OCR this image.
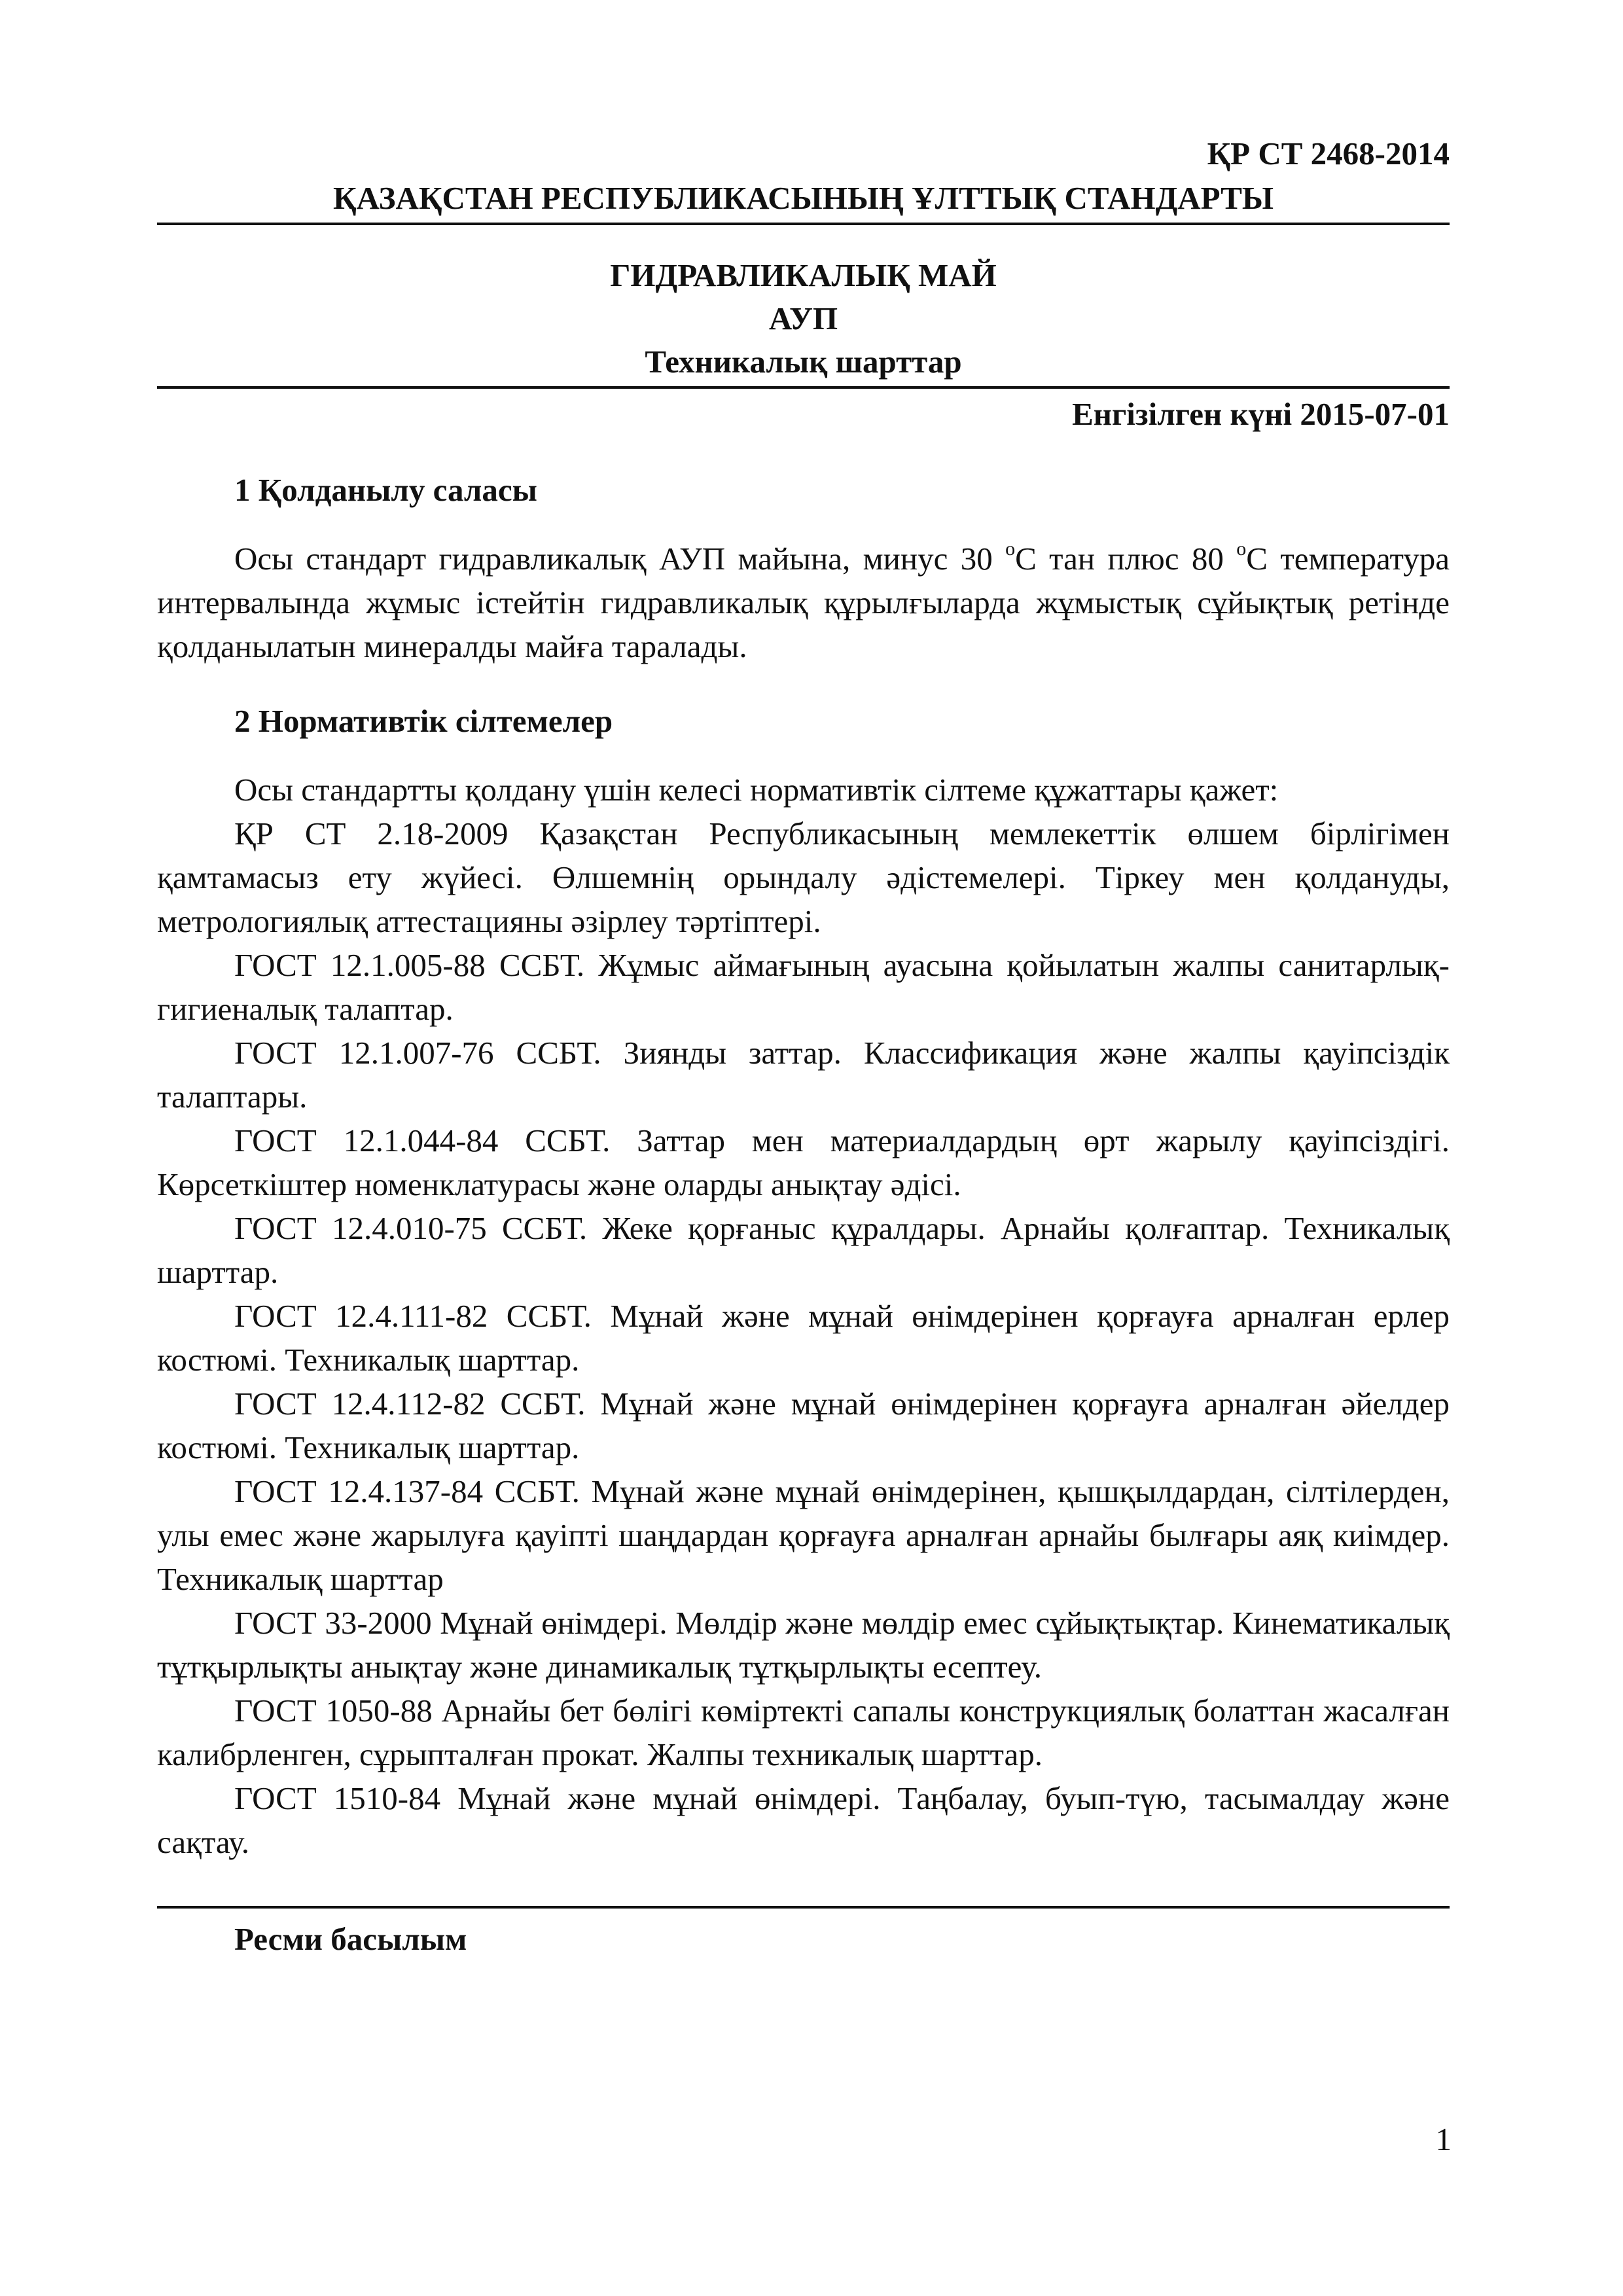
ҚР СТ 2468-2014

ҚАЗАҚСТАН РЕСПУБЛИКАСЫНЫҢ ҰЛТТЫҚ СТАНДАРТЫ

ГИДРАВЛИКАЛЫҚ МАЙ
АУП
Техникалық шарттар
Енгізілген күні 2015-07-01
1 Қолданылу саласы

Осы стандарт гидравликалық АУП майына, минус 30 $^о$С тан плюс 80 $^о$С температура интервалында жұмыс істейтін гидравликалық құрылғыларда жұмыстық сұйықтық ретінде қолданылатын минералды майға таралады.

2 Нормативтік сілтемелер

Осы стандартты қолдану үшін келесі нормативтік сілтеме құжаттары қажет:

ҚР СТ 2.18-2009 Қазақстан Республикасының мемлекеттік өлшем бірлігімен қамтамасыз ету жүйесі. Өлшемнің орындалу әдістемелері. Тіркеу мен қолдануды, метрологиялық аттестацияны әзірлеу тәртіптері.

ГОСТ 12.1.005-88 ССБТ. Жұмыс аймағының ауасына қойылатын жалпы санитарлық-гигиеналық талаптар.

ГОСТ 12.1.007-76 ССБТ. Зиянды заттар. Классификация және жалпы қауіпсіздік талаптары.

ГОСТ 12.1.044-84 ССБТ. Заттар мен материалдардың өрт жарылу қауіпсіздігі. Көрсеткіштер номенклатурасы және оларды анықтау әдісі.

ГОСТ 12.4.010-75 ССБТ. Жеке қорғаныс құралдары. Арнайы қолғаптар. Техникалық шарттар.

ГОСТ 12.4.111-82 ССБТ. Мұнай және мұнай өнімдерінен қорғауға арналған ерлер костюмі. Техникалық шарттар.

ГОСТ 12.4.112-82 ССБТ. Мұнай және мұнай өнімдерінен қорғауға арналған әйелдер костюмі. Техникалық шарттар.

ГОСТ 12.4.137-84 ССБТ. Мұнай және мұнай өнімдерінен, қышқылдардан, сілтілерден, улы емес және жарылуға қауіпті шаңдардан қорғауға арналған арнайы былғары аяқ киімдер. Техникалық шарттар

ГОСТ 33-2000 Мұнай өнімдері. Мөлдір және мөлдір емес сұйықтықтар. Кинематикалық тұтқырлықты анықтау және динамикалық тұтқырлықты есептеу.

ГОСТ 1050-88 Арнайы бет бөлігі көміртекті сапалы конструкциялық болаттан жасалған калибрленген, сұрыпталған прокат. Жалпы техникалық шарттар.

ГОСТ 1510-84 Мұнай және мұнай өнімдері. Таңбалау, буып-түю, тасымалдау және сақтау.

Ресми басылым
1
